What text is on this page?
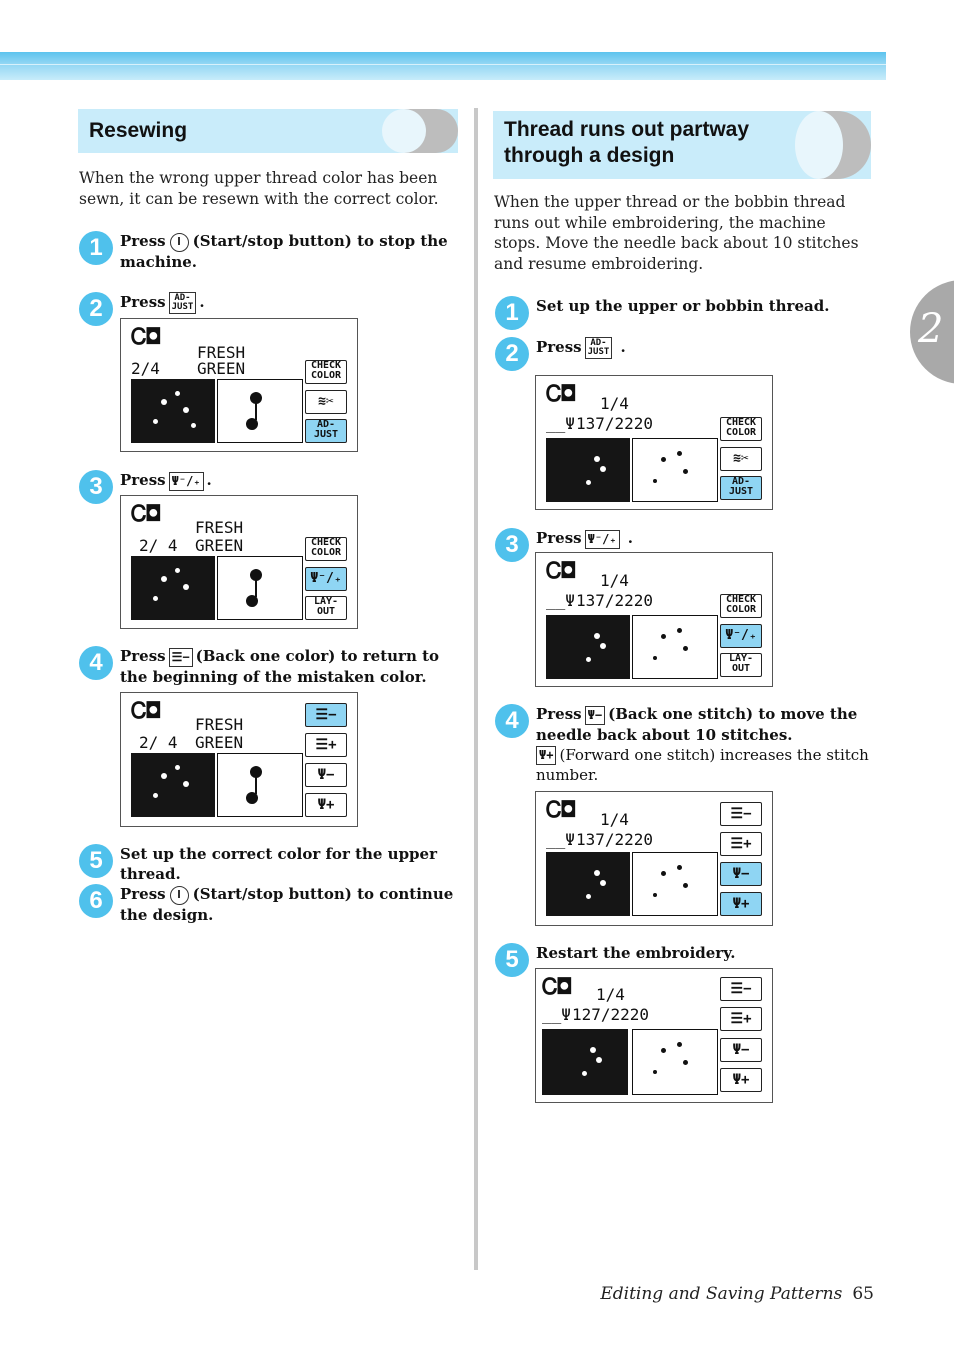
2
Resewing
When the wrong upper thread color has been sewn, it can be resewn with the correct color.
1	Press (Start/stop button) to stop the machine.
2	Press AD-
JUST .
Ꮯ◘
FRESH
GREEN
2/4	CHECK
COLOR
≋✂
AD-
JUST
3	Press Ψ⁻/₊ .
Ꮯ◘
FRESH
2/ 4 GREEN	CHECK
COLOR
Ψ⁻/₊
LAY-
OUT
4	Press ☰− (Back one color) to return to the beginning of the mistaken color.
Ꮯ◘
FRESH
2/ 4 GREEN
☰−
☰+
Ψ−
Ψ+
5	Set up the correct color for the upper thread.
6	Press (Start/stop button) to continue the design.
Thread runs out partway
through a design
When the upper thread or the bobbin thread runs out while embroidering, the machine stops. Move the needle back about 10 stitches and resume embroidering.
1	Set up the upper or bobbin thread.
2	Press AD-
JUST .
Ꮯ◘ 1/4
__Ψ 137/2220	CHECK
COLOR
≋✂
AD-
JUST
3	Press Ψ⁻/₊ .
Ꮯ◘ 1/4
__Ψ 137/2220	CHECK
COLOR
Ψ⁻/₊
LAY-
OUT
4	Press Ψ− (Back one stitch) to move the needle back about 10 stitches.
Ψ+ (Forward one stitch) increases the stitch number.
Ꮯ◘ 1/4
__Ψ 137/2220
☰−
☰+
Ψ−
Ψ+
5	Restart the embroidery.
Ꮯ◘ 1/4
__Ψ 127/2220
☰−
☰+
Ψ−
Ψ+
Editing and Saving Patterns 65
